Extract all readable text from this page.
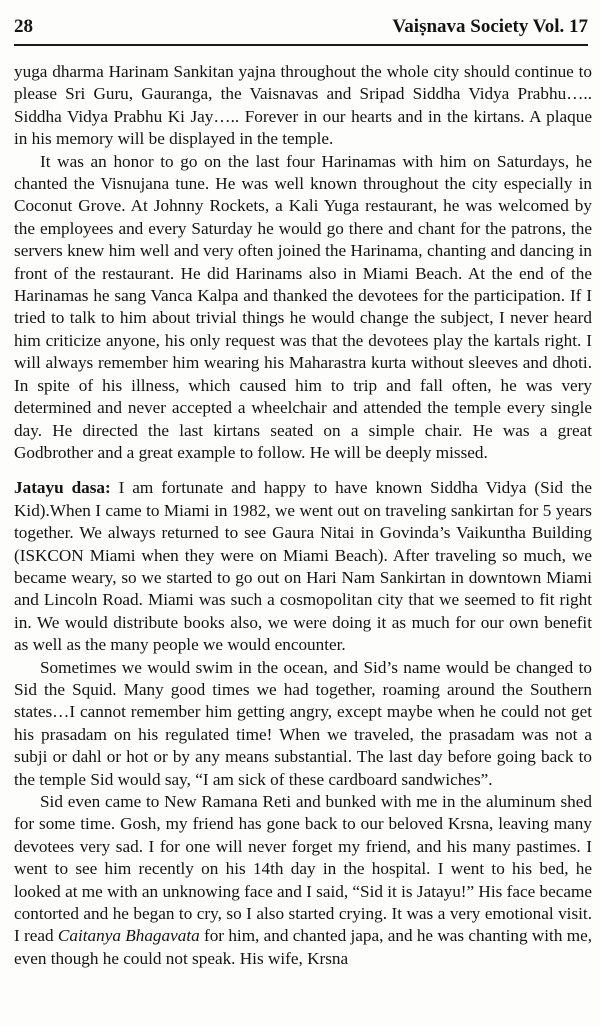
28	Vaiṣnava Society Vol. 17

yuga dharma Harinam Sankitan yajna throughout the whole city should continue to please Sri Guru, Gauranga, the Vaisnavas and Sripad Siddha Vidya Prabhu….. Siddha Vidya Prabhu Ki Jay….. Forever in our hearts and in the kirtans. A plaque in his memory will be displayed in the temple.

It was an honor to go on the last four Harinamas with him on Saturdays, he chanted the Visnujana tune. He was well known throughout the city especially in Coconut Grove. At Johnny Rockets, a Kali Yuga restaurant, he was welcomed by the employees and every Saturday he would go there and chant for the patrons, the servers knew him well and very often joined the Harinama, chanting and dancing in front of the restaurant. He did Harinams also in Miami Beach. At the end of the Harinamas he sang Vanca Kalpa and thanked the devotees for the participation. If I tried to talk to him about trivial things he would change the subject, I never heard him criticize anyone, his only request was that the devotees play the kartals right. I will always remember him wearing his Maharastra kurta without sleeves and dhoti. In spite of his illness, which caused him to trip and fall often, he was very determined and never accepted a wheelchair and attended the temple every single day. He directed the last kirtans seated on a simple chair. He was a great Godbrother and a great example to follow. He will be deeply missed.

Jatayu dasa: I am fortunate and happy to have known Siddha Vidya (Sid the Kid).When I came to Miami in 1982, we went out on traveling sankirtan for 5 years together. We always returned to see Gaura Nitai in Govinda’s Vaikuntha Building (ISKCON Miami when they were on Miami Beach). After traveling so much, we became weary, so we started to go out on Hari Nam Sankirtan in downtown Miami and Lincoln Road. Miami was such a cosmopolitan city that we seemed to fit right in. We would distribute books also, we were doing it as much for our own benefit as well as the many people we would encounter.

Sometimes we would swim in the ocean, and Sid’s name would be changed to Sid the Squid. Many good times we had together, roaming around the Southern states…I cannot remember him getting angry, except maybe when he could not get his prasadam on his regulated time! When we traveled, the prasadam was not a subji or dahl or hot or by any means substantial. The last day before going back to the temple Sid would say, “I am sick of these cardboard sandwiches”.

Sid even came to New Ramana Reti and bunked with me in the aluminum shed for some time. Gosh, my friend has gone back to our beloved Krsna, leaving many devotees very sad. I for one will never forget my friend, and his many pastimes. I went to see him recently on his 14th day in the hospital. I went to his bed, he looked at me with an unknowing face and I said, “Sid it is Jatayu!” His face became contorted and he began to cry, so I also started crying. It was a very emotional visit. I read Caitanya Bhagavata for him, and chanted japa, and he was chanting with me, even though he could not speak. His wife, Krsna
